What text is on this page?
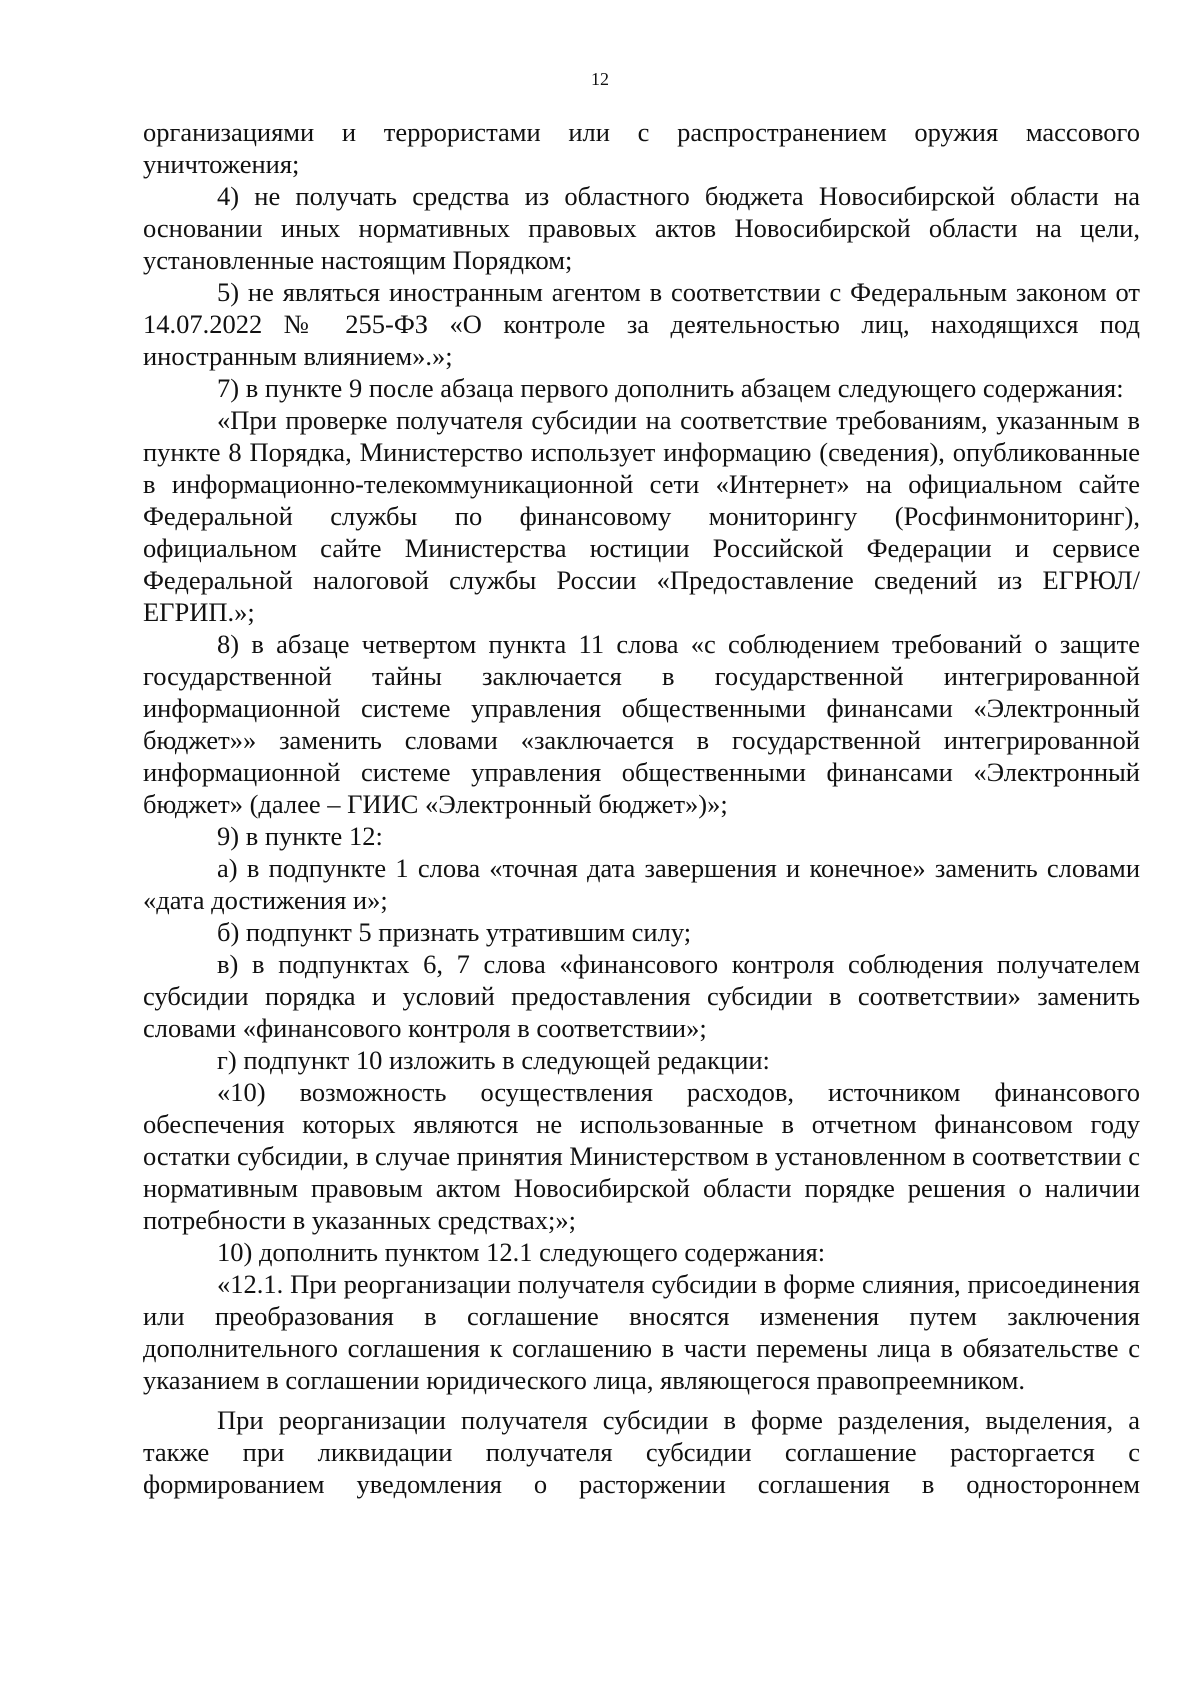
12

организациями и террористами или с распространением оружия массового уничтожения;

4) не получать средства из областного бюджета Новосибирской области на основании иных нормативных правовых актов Новосибирской области на цели, установленные настоящим Порядком;

5) не являться иностранным агентом в соответствии с Федеральным законом от 14.07.2022 № 255-ФЗ «О контроле за деятельностью лиц, находящихся под иностранным влиянием».»;

7) в пункте 9 после абзаца первого дополнить абзацем следующего содержания:

«При проверке получателя субсидии на соответствие требованиям, указанным в пункте 8 Порядка, Министерство использует информацию (сведения), опубликованные в информационно-телекоммуникационной сети «Интернет» на официальном сайте Федеральной службы по финансовому мониторингу (Росфинмониторинг), официальном сайте Министерства юстиции Российской Федерации и сервисе Федеральной налоговой службы России «Предоставление сведений из ЕГРЮЛ/ЕГРИП.»;

8) в абзаце четвертом пункта 11 слова «с соблюдением требований о защите государственной тайны заключается в государственной интегрированной информационной системе управления общественными финансами «Электронный бюджет»» заменить словами «заключается в государственной интегрированной информационной системе управления общественными финансами «Электронный бюджет» (далее – ГИИС «Электронный бюджет»)»;

9) в пункте 12:

а) в подпункте 1 слова «точная дата завершения и конечное» заменить словами «дата достижения и»;

б) подпункт 5 признать утратившим силу;

в) в подпунктах 6, 7 слова «финансового контроля соблюдения получателем субсидии порядка и условий предоставления субсидии в соответствии» заменить словами «финансового контроля в соответствии»;

г) подпункт 10 изложить в следующей редакции:

«10) возможность осуществления расходов, источником финансового обеспечения которых являются не использованные в отчетном финансовом году остатки субсидии, в случае принятия Министерством в установленном в соответствии с нормативным правовым актом Новосибирской области порядке решения о наличии потребности в указанных средствах;»;

10) дополнить пунктом 12.1 следующего содержания:

«12.1. При реорганизации получателя субсидии в форме слияния, присоединения или преобразования в соглашение вносятся изменения путем заключения дополнительного соглашения к соглашению в части перемены лица в обязательстве с указанием в соглашении юридического лица, являющегося правопреемником.

При реорганизации получателя субсидии в форме разделения, выделения, а также при ликвидации получателя субсидии соглашение расторгается с формированием уведомления о расторжении соглашения в одностороннем
